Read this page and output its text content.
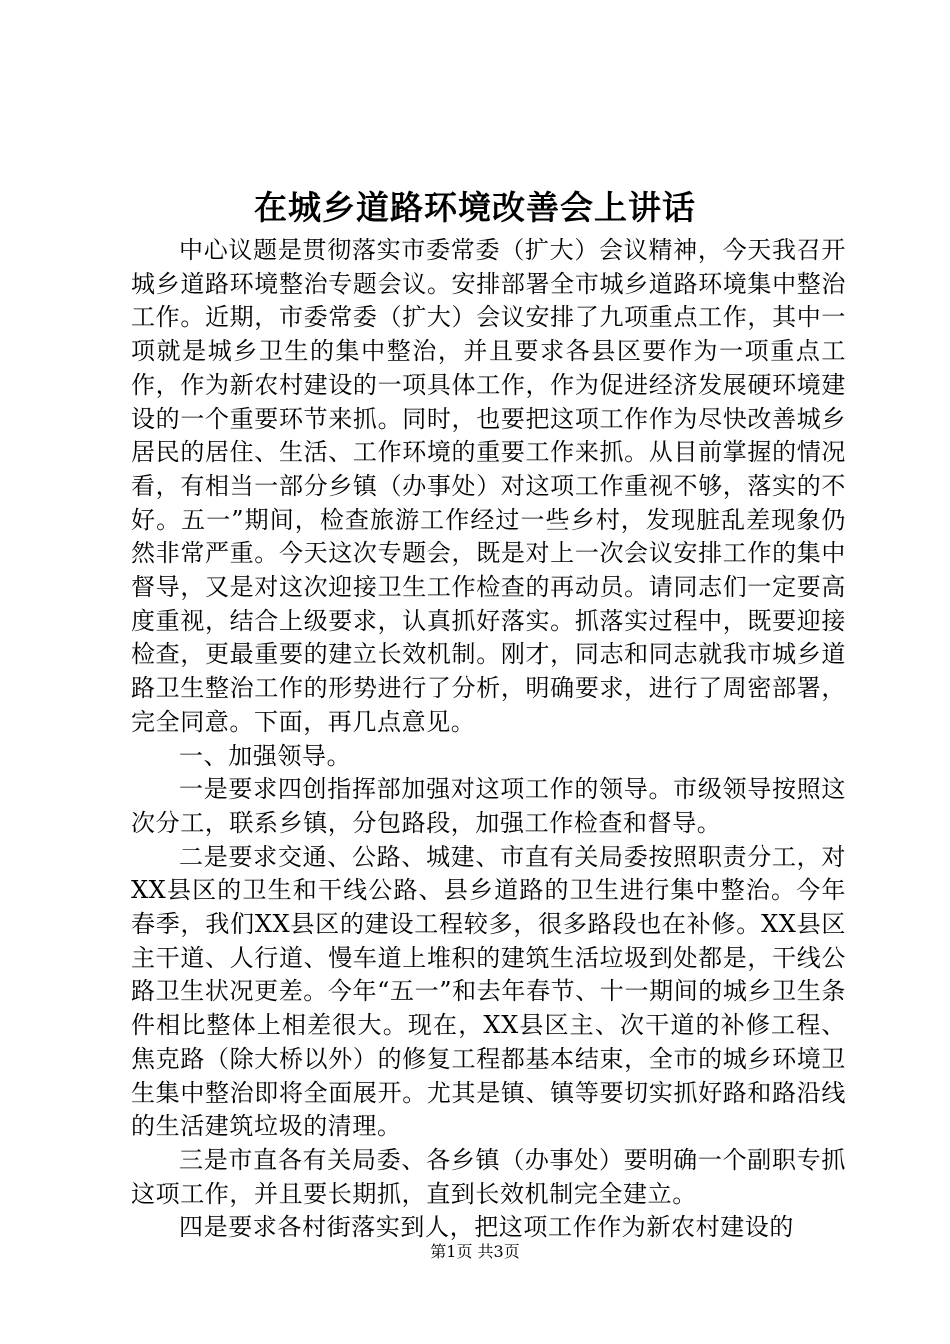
在城乡道路环境改善会上讲话

中心议题是贯彻落实市委常委（扩大）会议精神，今天我召开城乡道路环境整治专题会议。安排部署全市城乡道路环境集中整治工作。近期，市委常委（扩大）会议安排了九项重点工作，其中一项就是城乡卫生的集中整治，并且要求各县区要作为一项重点工作，作为新农村建设的一项具体工作，作为促进经济发展硬环境建设的一个重要环节来抓。同时，也要把这项工作作为尽快改善城乡居民的居住、生活、工作环境的重要工作来抓。从目前掌握的情况看，有相当一部分乡镇（办事处）对这项工作重视不够，落实的不好。五一”期间，检查旅游工作经过一些乡村，发现脏乱差现象仍然非常严重。今天这次专题会，既是对上一次会议安排工作的集中督导，又是对这次迎接卫生工作检查的再动员。请同志们一定要高度重视，结合上级要求，认真抓好落实。抓落实过程中，既要迎接检查，更最重要的建立长效机制。刚才，同志和同志就我市城乡道路卫生整治工作的形势进行了分析，明确要求，进行了周密部署，完全同意。下面，再几点意见。

一、加强领导。

一是要求四创指挥部加强对这项工作的领导。市级领导按照这次分工，联系乡镇，分包路段，加强工作检查和督导。

二是要求交通、公路、城建、市直有关局委按照职责分工，对XX县区的卫生和干线公路、县乡道路的卫生进行集中整治。今年春季，我们XX县区的建设工程较多，很多路段也在补修。XX县区主干道、人行道、慢车道上堆积的建筑生活垃圾到处都是，干线公路卫生状况更差。今年“五一”和去年春节、十一期间的城乡卫生条件相比整体上相差很大。现在，XX县区主、次干道的补修工程、焦克路（除大桥以外）的修复工程都基本结束，全市的城乡环境卫生集中整治即将全面展开。尤其是镇、镇等要切实抓好路和路沿线的生活建筑垃圾的清理。

三是市直各有关局委、各乡镇（办事处）要明确一个副职专抓这项工作，并且要长期抓，直到长效机制完全建立。

四是要求各村街落实到人，把这项工作作为新农村建设的

第1页 共3页
